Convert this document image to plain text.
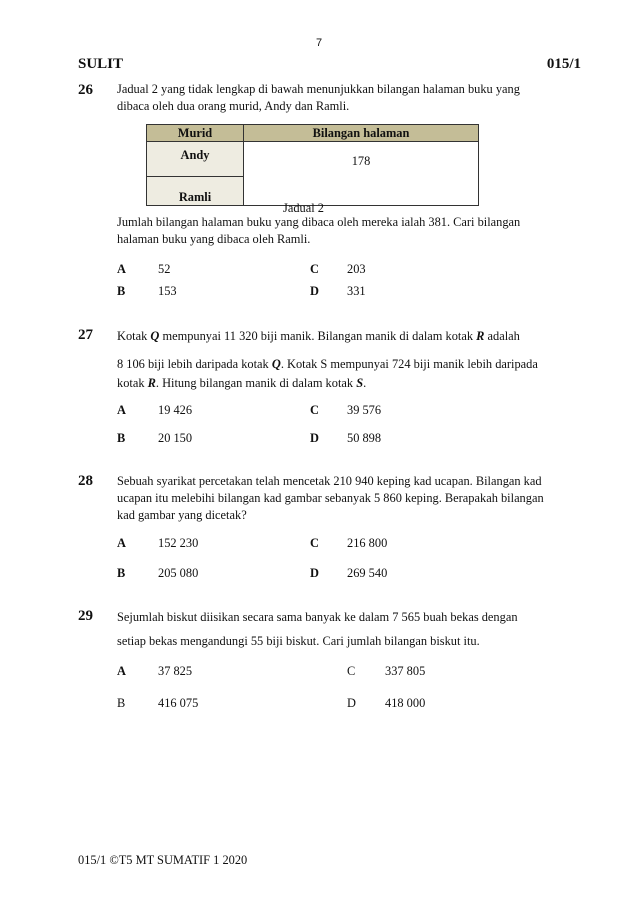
7
SULIT	015/1
26 Jadual 2 yang tidak lengkap di bawah menunjukkan bilangan halaman buku yang
dibaca oleh dua orang murid, Andy dan Ramli.
Murid	Bilangan halaman
Andy	178
Ramli	
Jadual 2
Jumlah bilangan halaman buku yang dibaca oleh mereka ialah 381. Cari bilangan
halaman buku yang dibaca oleh Ramli.
A	52	C 203
B	153	D 331
27 Kotak Q mempunyai 11 320 biji manik. Bilangan manik di dalam kotak R adalah
8 106 biji lebih daripada kotak Q. Kotak S mempunyai 724 biji manik lebih daripada
kotak R. Hitung bilangan manik di dalam kotak S.
A	19 426	C 39 576
B	20 150	D 50 898
28 Sebuah syarikat percetakan telah mencetak 210 940 keping kad ucapan. Bilangan kad
ucapan itu melebihi bilangan kad gambar sebanyak 5 860 keping. Berapakah bilangan
kad gambar yang dicetak?
A	152 230	C 216 800
B	205 080	D 269 540
29 Sejumlah biskut diisikan secara sama banyak ke dalam 7 565 buah bekas dengan
setiap bekas mengandungi 55 biji biskut. Cari jumlah bilangan biskut itu.
A	37 825	C 337 805
B	416 075	D 418 000
015/1 ©T5 MT SUMATIF 1 2020
